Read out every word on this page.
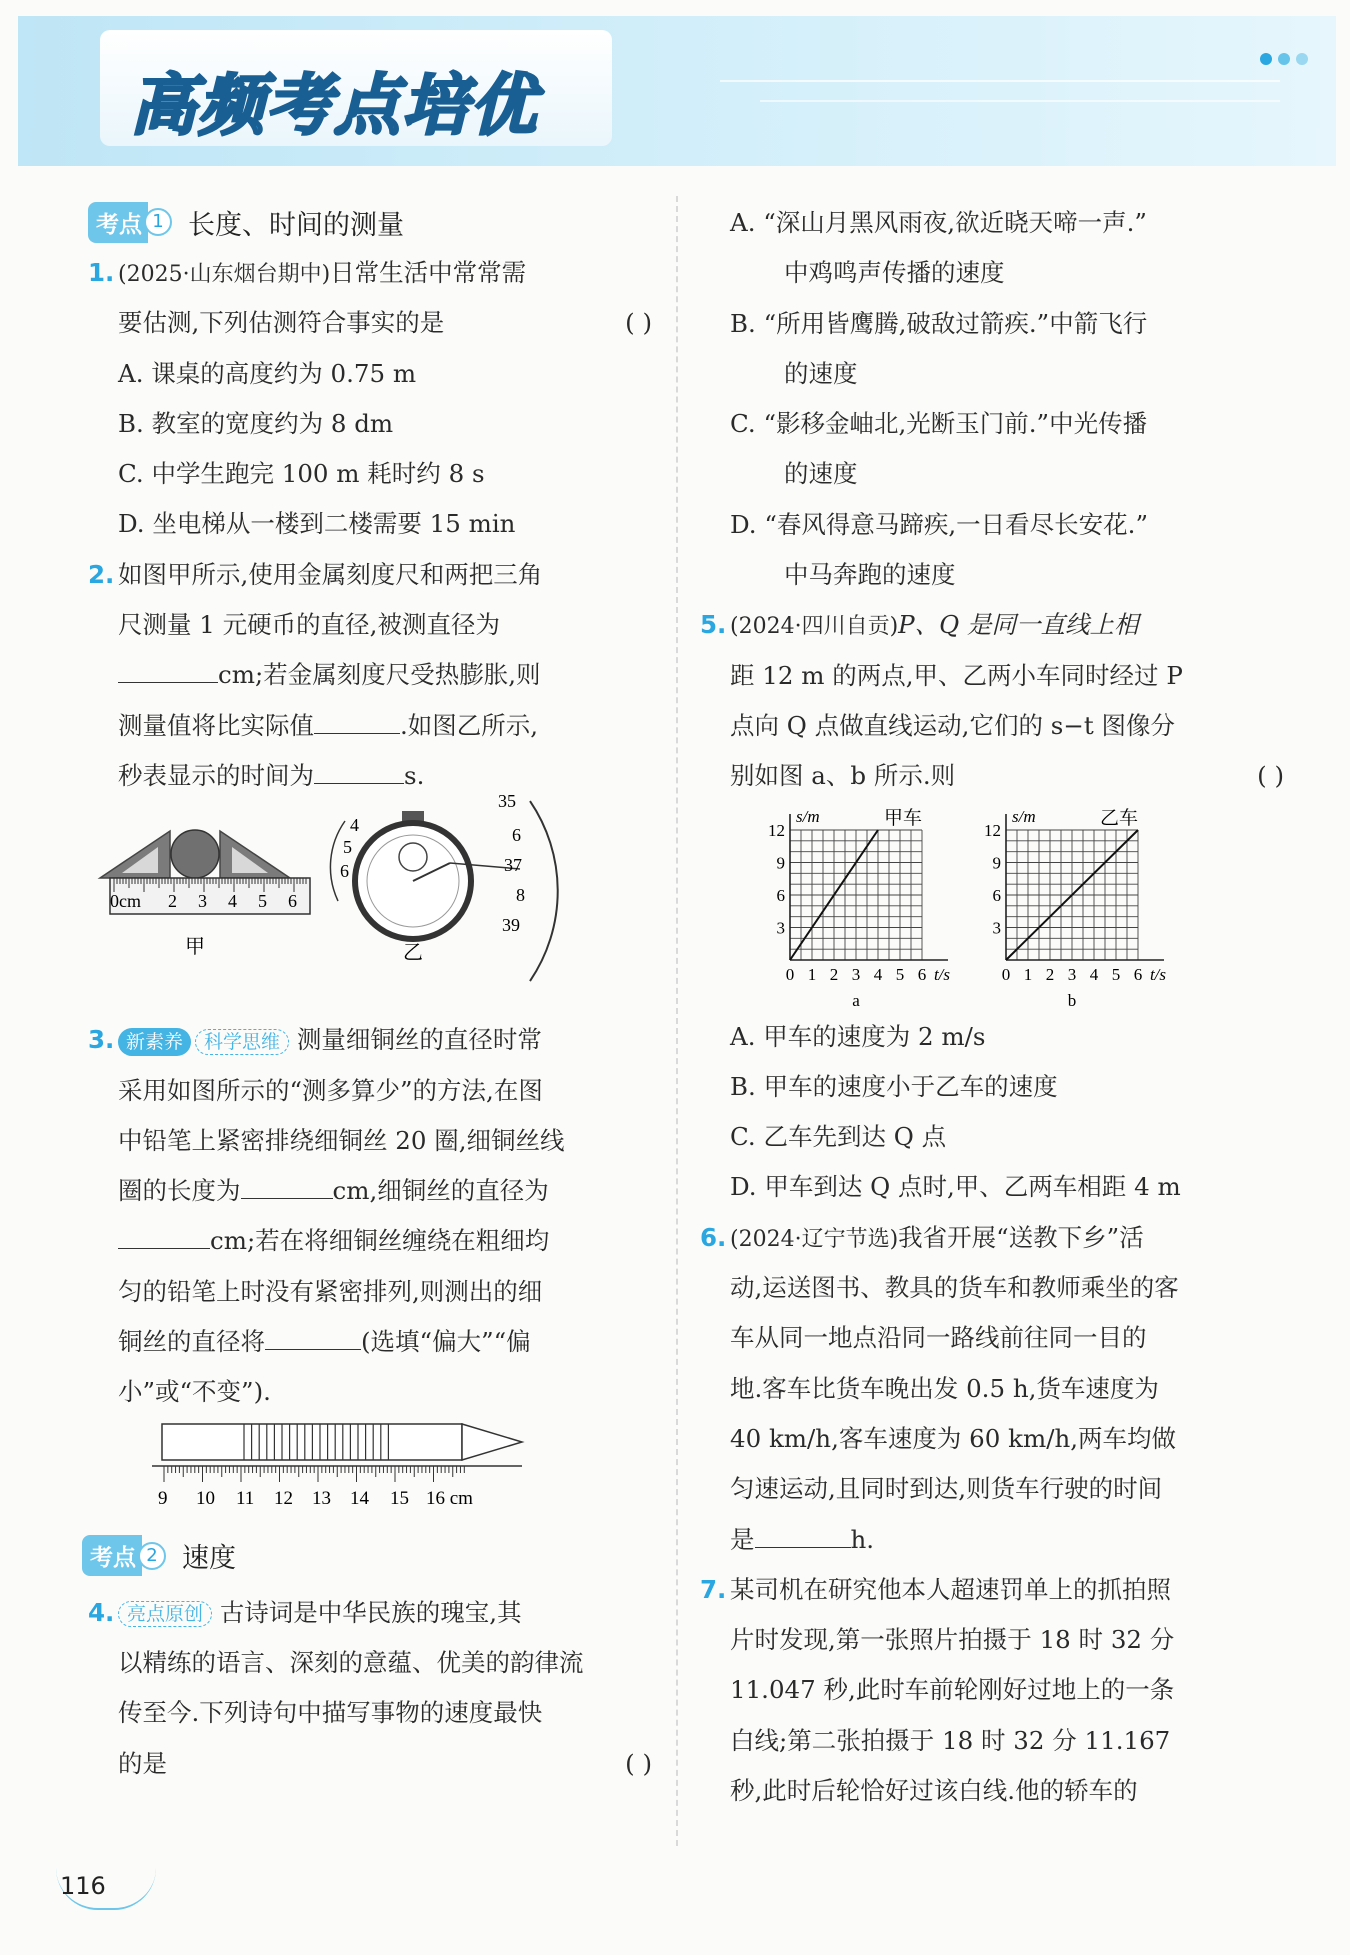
高频考点培优
考点 1 长度、时间的测量
1. (2025·山东烟台期中)日常生活中常常需
要估测,下列估测符合事实的是	( )
A. 课桌的高度约为 0.75 m
B. 教室的宽度约为 8 dm
C. 中学生跑完 100 m 耗时约 8 s
D. 坐电梯从一楼到二楼需要 15 min
2. 如图甲所示,使用金属刻度尺和两把三角
尺测量 1 元硬币的直径,被测直径为
cm;若金属刻度尺受热膨胀,则
测量值将比实际值	.如图乙所示,
秒表显示的时间为	s.
0cm 2 3 4 5 6
甲
4
5
6
35
6
37
8
39
乙
3. 新素养 科学思维 测量细铜丝的直径时常
采用如图所示的“测多算少”的方法,在图
中铅笔上紧密排绕细铜丝 20 圈,细铜丝线
圈的长度为	cm,细铜丝的直径为
cm;若在将细铜丝缠绕在粗细均
匀的铅笔上时没有紧密排列,则测出的细
铜丝的直径将	(选填“偏大”“偏
小”或“不变”).
9 10 11 12 13 14 15 16 cm
考点 2 速度
4. 亮点原创 古诗词是中华民族的瑰宝,其
以精练的语言、深刻的意蕴、优美的韵律流
传至今.下列诗句中描写事物的速度最快
的是	( )
A. “深山月黑风雨夜,欲近晓天啼一声.”
中鸡鸣声传播的速度
B. “所用皆鹰腾,破敌过箭疾.”中箭飞行
的速度
C. “影移金岫北,光断玉门前.”中光传播
的速度
D. “春风得意马蹄疾,一日看尽长安花.”
中马奔跑的速度
5. (2024·四川自贡)P、Q 是同一直线上相
距 12 m 的两点,甲、乙两小车同时经过 P
点向 Q 点做直线运动,它们的 s−t 图像分
别如图 a、b 所示.则	( )
0 1 2 3 4 5 6
3
6
9
12
t/s
s/m	甲车
a
0 1 2 3 4 5 6
3
6
9
12
t/s
s/m	乙车
b
A. 甲车的速度为 2 m/s
B. 甲车的速度小于乙车的速度
C. 乙车先到达 Q 点
D. 甲车到达 Q 点时,甲、乙两车相距 4 m
6. (2024·辽宁节选)我省开展“送教下乡”活
动,运送图书、教具的货车和教师乘坐的客
车从同一地点沿同一路线前往同一目的
地.客车比货车晚出发 0.5 h,货车速度为
40 km/h,客车速度为 60 km/h,两车均做
匀速运动,且同时到达,则货车行驶的时间
是	h.
7. 某司机在研究他本人超速罚单上的抓拍照
片时发现,第一张照片拍摄于 18 时 32 分
11.047 秒,此时车前轮刚好过地上的一条
白线;第二张拍摄于 18 时 32 分 11.167
秒,此时后轮恰好过该白线.他的轿车的
116
